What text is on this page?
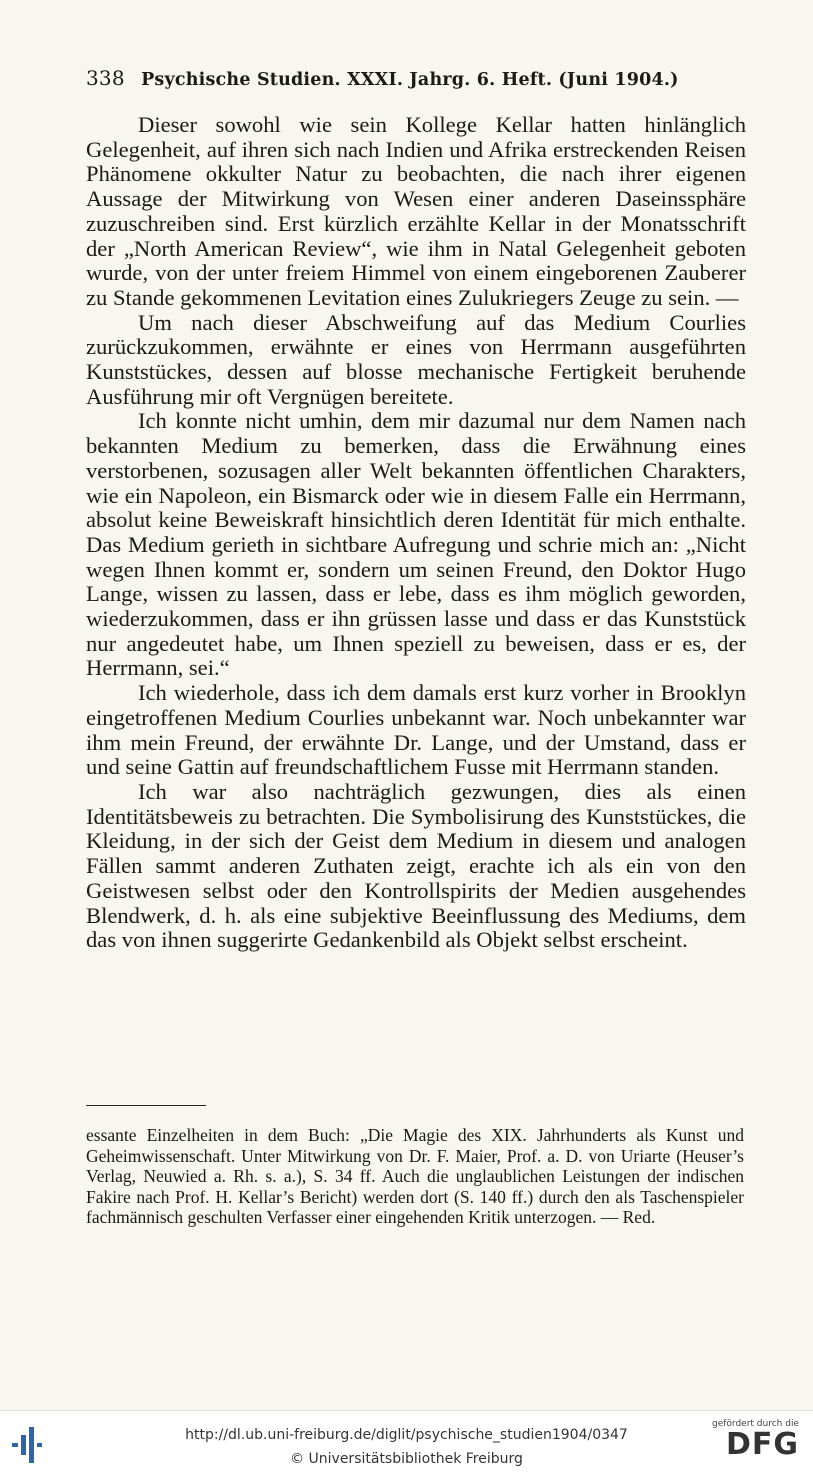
338 Psychische Studien. XXXI. Jahrg. 6. Heft. (Juni 1904.)

Dieser sowohl wie sein Kollege Kellar hatten hinlänglich Gelegenheit, auf ihren sich nach Indien und Afrika erstreckenden Reisen Phänomene okkulter Natur zu beobachten, die nach ihrer eigenen Aussage der Mitwirkung von Wesen einer anderen Daseinssphäre zuzuschreiben sind. Erst kürzlich erzählte Kellar in der Monatsschrift der „North American Review“, wie ihm in Natal Gelegenheit geboten wurde, von der unter freiem Himmel von einem eingeborenen Zauberer zu Stande gekommenen Levitation eines Zulukriegers Zeuge zu sein. —

Um nach dieser Abschweifung auf das Medium Courlies zurückzukommen, erwähnte er eines von Herrmann ausgeführten Kunststückes, dessen auf blosse mechanische Fertigkeit beruhende Ausführung mir oft Vergnügen bereitete.

Ich konnte nicht umhin, dem mir dazumal nur dem Namen nach bekannten Medium zu bemerken, dass die Erwähnung eines verstorbenen, sozusagen aller Welt bekannten öffentlichen Charakters, wie ein Napoleon, ein Bismarck oder wie in diesem Falle ein Herrmann, absolut keine Beweiskraft hinsichtlich deren Identität für mich enthalte. Das Medium gerieth in sichtbare Aufregung und schrie mich an: „Nicht wegen Ihnen kommt er, sondern um seinen Freund, den Doktor Hugo Lange, wissen zu lassen, dass er lebe, dass es ihm möglich geworden, wiederzukommen, dass er ihn grüssen lasse und dass er das Kunststück nur angedeutet habe, um Ihnen speziell zu beweisen, dass er es, der Herrmann, sei.“

Ich wiederhole, dass ich dem damals erst kurz vorher in Brooklyn eingetroffenen Medium Courlies unbekannt war. Noch unbekannter war ihm mein Freund, der erwähnte Dr. Lange, und der Umstand, dass er und seine Gattin auf freundschaftlichem Fusse mit Herrmann standen.

Ich war also nachträglich gezwungen, dies als einen Identitätsbeweis zu betrachten. Die Symbolisirung des Kunststückes, die Kleidung, in der sich der Geist dem Medium in diesem und analogen Fällen sammt anderen Zuthaten zeigt, erachte ich als ein von den Geistwesen selbst oder den Kontrollspirits der Medien ausgehendes Blendwerk, d. h. als eine subjektive Beeinflussung des Mediums, dem das von ihnen suggerirte Gedankenbild als Objekt selbst erscheint.

essante Einzelheiten in dem Buch: „Die Magie des XIX. Jahrhunderts als Kunst und Geheimwissenschaft. Unter Mitwirkung von Dr. F. Maier, Prof. a. D. von Uriarte (Heuser’s Verlag, Neuwied a. Rh. s. a.), S. 34 ff. Auch die unglaublichen Leistungen der indischen Fakire nach Prof. H. Kellar’s Bericht) werden dort (S. 140 ff.) durch den als Taschenspieler fachmännisch geschulten Verfasser einer eingehenden Kritik unterzogen. — Red.
http://dl.ub.uni-freiburg.de/diglit/psychische_studien1904/0347
© Universitätsbibliothek Freiburg
gefördert durch die
DFG
